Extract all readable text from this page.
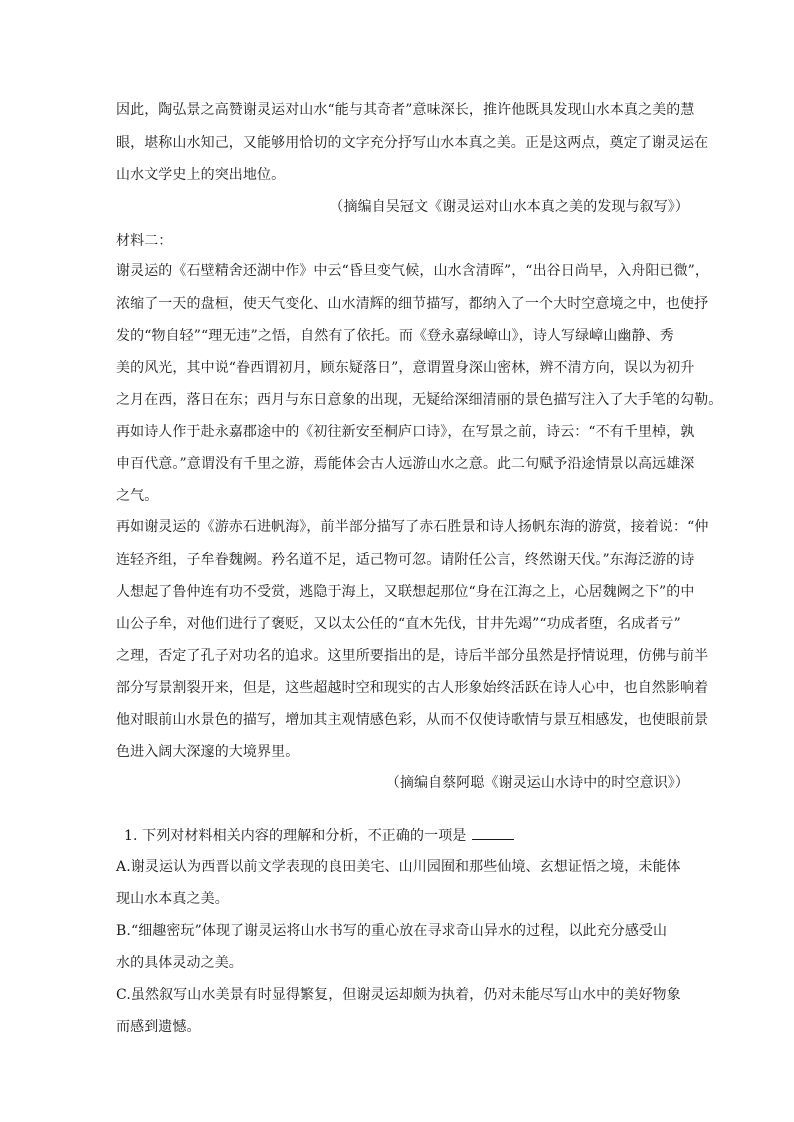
因此，陶弘景之高赞谢灵运对山水“能与其奇者”意味深长，推许他既具发现山水本真之美的慧
眼，堪称山水知己，又能够用恰切的文字充分抒写山水本真之美。正是这两点，奠定了谢灵运在
山水文学史上的突出地位。
（摘编自吴冠文《谢灵运对山水本真之美的发现与叙写》）
材料二：
谢灵运的《石壁精舍还湖中作》中云“昏旦变气候，山水含清晖”，“出谷日尚早，入舟阳已微”，
浓缩了一天的盘桓，使天气变化、山水清辉的细节描写，都纳入了一个大时空意境之中，也使抒
发的“物自轻”“理无违”之悟，自然有了依托。而《登永嘉绿嶂山》，诗人写绿嶂山幽静、秀
美的风光，其中说“眷西谓初月，顾东疑落日”，意谓置身深山密林，辨不清方向，误以为初升
之月在西，落日在东；西月与东日意象的出现，无疑给深细清丽的景色描写注入了大手笔的勾勒。
再如诗人作于赴永嘉郡途中的《初往新安至桐庐口诗》，在写景之前，诗云：“不有千里棹，孰
申百代意。”意谓没有千里之游，焉能体会古人远游山水之意。此二句赋予沿途情景以高远雄深
之气。
再如谢灵运的《游赤石进帆海》，前半部分描写了赤石胜景和诗人扬帆东海的游赏，接着说：“仲
连轻齐组，子牟眷魏阙。矜名道不足，适己物可忽。请附任公言，终然谢天伐。”东海泛游的诗
人想起了鲁仲连有功不受赏，逃隐于海上，又联想起那位“身在江海之上，心居魏阙之下”的中
山公子牟，对他们进行了褒贬，又以太公任的“直木先伐，甘井先竭”“功成者堕，名成者亏”
之理，否定了孔子对功名的追求。这里所要指出的是，诗后半部分虽然是抒情说理，仿佛与前半
部分写景割裂开来，但是，这些超越时空和现实的古人形象始终活跃在诗人心中，也自然影响着
他对眼前山水景色的描写，增加其主观情感色彩，从而不仅使诗歌情与景互相感发，也使眼前景
色进入阔大深邃的大境界里。
（摘编自蔡阿聪《谢灵运山水诗中的时空意识》）
1. 下列对材料相关内容的理解和分析，不正确的一项是
A.谢灵运认为西晋以前文学表现的良田美宅、山川园囿和那些仙境、玄想证悟之境，未能体
现山水本真之美。
B.“细趣密玩”体现了谢灵运将山水书写的重心放在寻求奇山异水的过程，以此充分感受山
水的具体灵动之美。
C.虽然叙写山水美景有时显得繁复，但谢灵运却颇为执着，仍对未能尽写山水中的美好物象
而感到遗憾。
